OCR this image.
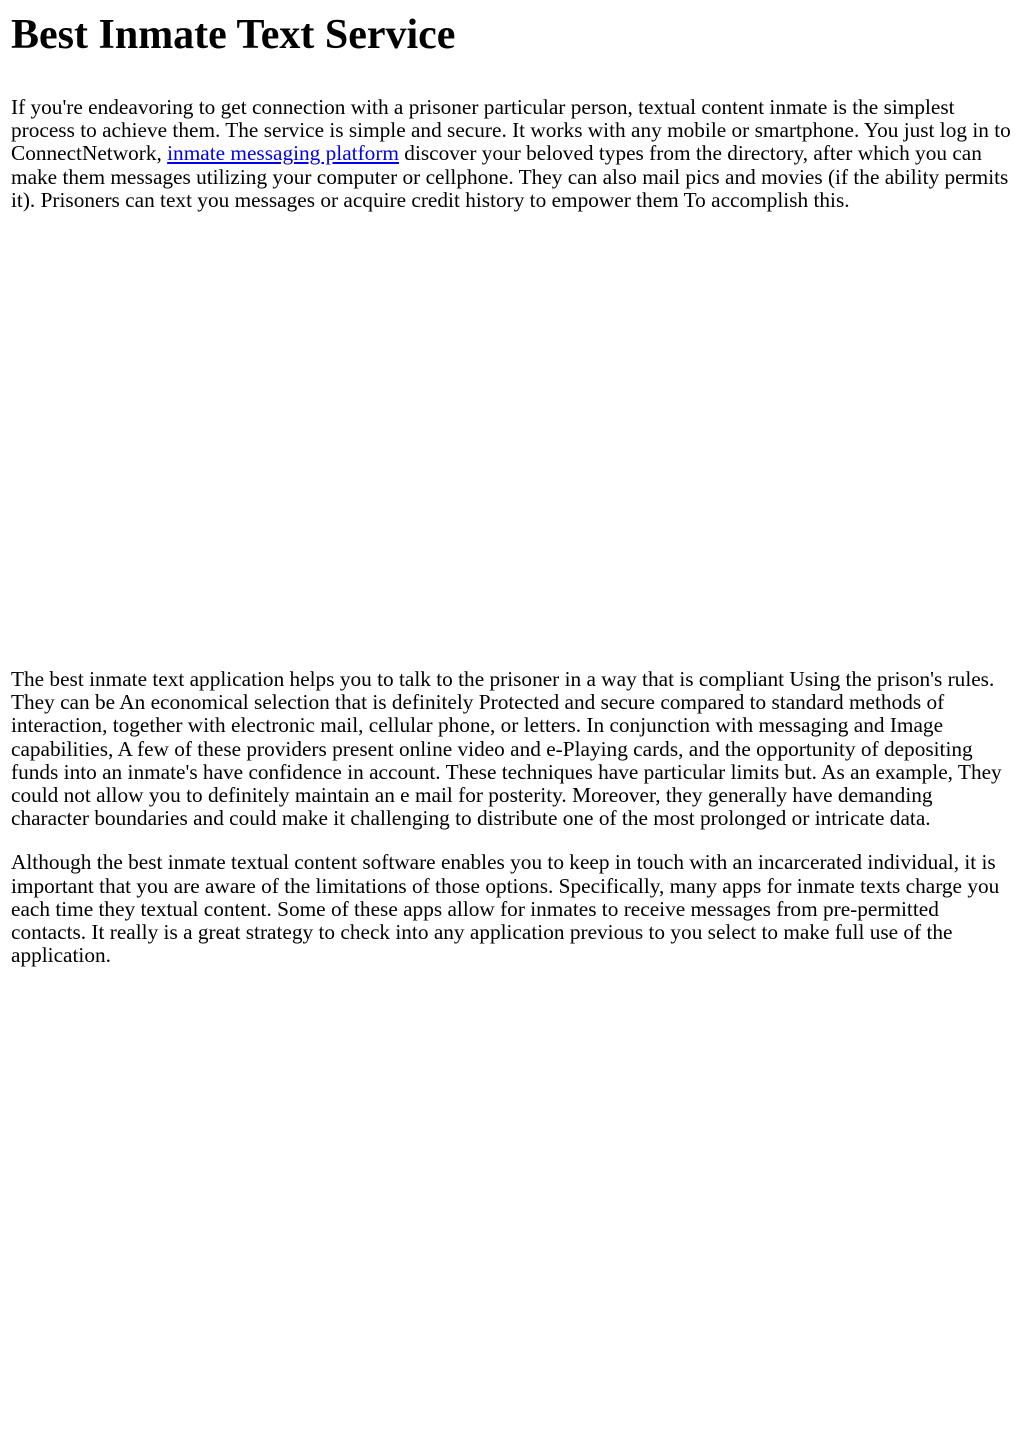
Best Inmate Text Service

If you're endeavoring to get connection with a prisoner particular person, textual content inmate is the simplest process to achieve them. The service is simple and secure. It works with any mobile or smartphone. You just log in to ConnectNetwork, inmate messaging platform discover your beloved types from the directory, after which you can make them messages utilizing your computer or cellphone. They can also mail pics and movies (if the ability permits it). Prisoners can text you messages or acquire credit history to empower them To accomplish this.

The best inmate text application helps you to talk to the prisoner in a way that is compliant Using the prison's rules. They can be An economical selection that is definitely Protected and secure compared to standard methods of interaction, together with electronic mail, cellular phone, or letters. In conjunction with messaging and Image capabilities, A few of these providers present online video and e-Playing cards, and the opportunity of depositing funds into an inmate's have confidence in account. These techniques have particular limits but. As an example, They could not allow you to definitely maintain an e mail for posterity. Moreover, they generally have demanding character boundaries and could make it challenging to distribute one of the most prolonged or intricate data.

Although the best inmate textual content software enables you to keep in touch with an incarcerated individual, it is important that you are aware of the limitations of those options. Specifically, many apps for inmate texts charge you each time they textual content. Some of these apps allow for inmates to receive messages from pre-permitted contacts. It really is a great strategy to check into any application previous to you select to make full use of the application.
